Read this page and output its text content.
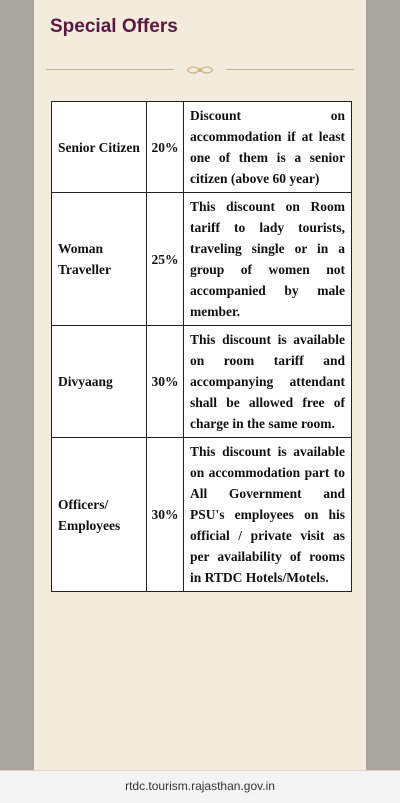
Special Offers
Senior Citizen	20%	Discount on accommodation if at least one of them is a senior citizen (above 60 year)
Woman Traveller	25%	This discount on Room tariff to lady tourists, traveling single or in a group of women not accompanied by male member.
Divyaang	30%	This discount is available on room tariff and accompanying attendant shall be allowed free of charge in the same room.
Officers/ Employees	30%	This discount is available on accommodation part to All Government and PSU's employees on his official / private visit as per availability of rooms in RTDC Hotels/Motels.
rtdc.tourism.rajasthan.gov.in
